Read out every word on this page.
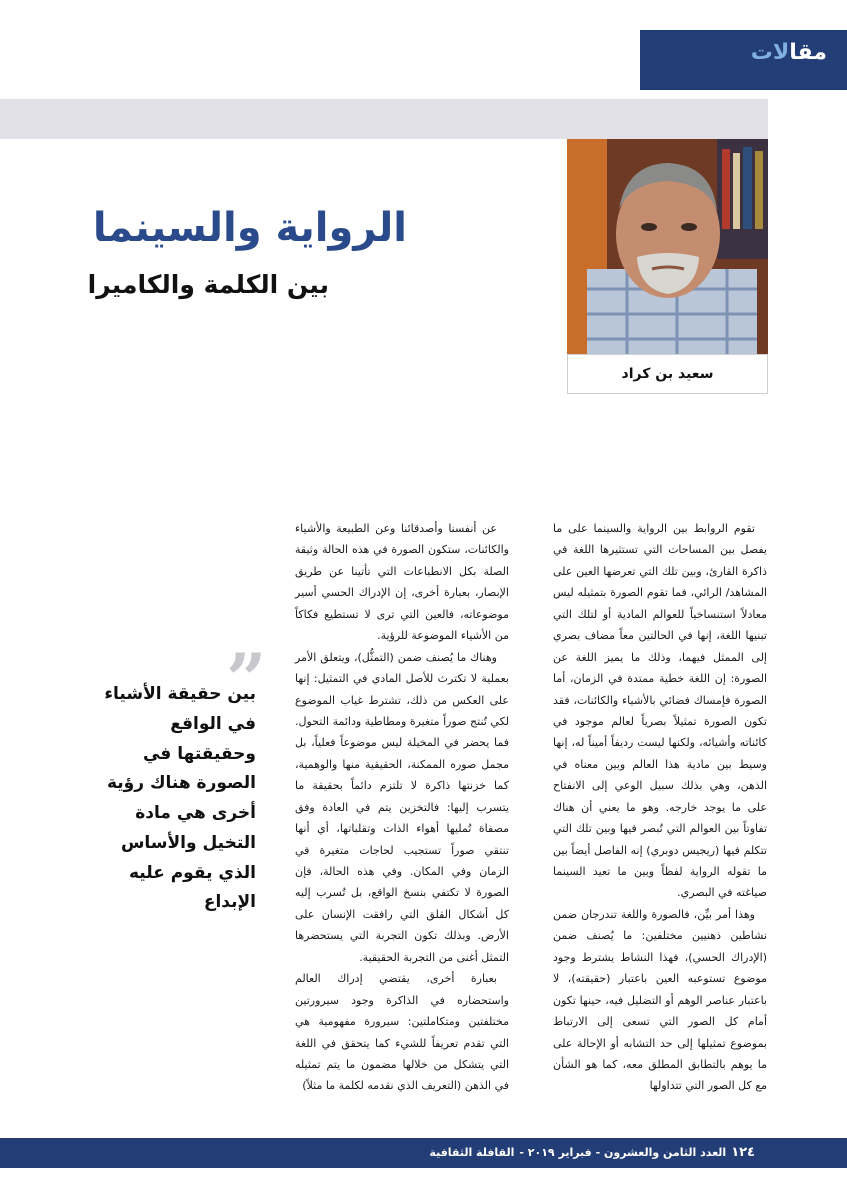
مقالات
سعيد بن كراد
الرواية والسينما
بين الكلمة والكاميرا
”

بين حقيقة الأشياء في الواقع وحقيقتها في الصورة هناك رؤية أخرى هي مادة التخيل والأساس الذي يقوم عليه الإبداع

تقوم الروابط بين الرواية والسينما على ما يفصل بين المساحات التي تستثيرها اللغة في ذاكرة القارئ، وبين تلك التي تعرضها العين على المشاهد/ الرائي، فما تقوم الصورة بتمثيله ليس معادلاً استنساخياً للعوالم المادية أو لتلك التي تبنيها اللغة، إنها في الحالتين معاً مضاف بصري إلى الممثل فيهما، وذلك ما يميز اللغة عن الصورة: إن اللغة خطية ممتدة في الزمان، أما الصورة فإمساك فضائي بالأشياء والكائنات، فقد تكون الصورة تمثيلاً بصرياً لعالم موجود في كائناته وأشيائه، ولكنها ليست رديفاً أميناً له، إنها وسيط بين مادية هذا العالم وبين معناه في الذهن، وهي بذلك سبيل الوعي إلى الانفتاح على ما يوجد خارجه. وهو ما يعني أن هناك تفاوتاً بين العوالم التي تُبصر فيها وبين تلك التي تتكلم فيها (ريجيس دوبري) إنه الفاصل أيضاً بين ما تقوله الرواية لفظاً وبين ما تعيد السينما صياغته في البصري.

وهذا أمر بيِّن، فالصورة واللغة تندرجان ضمن نشاطين ذهنيين مختلفين: ما يُصنف ضمن (الإدراك الحسي)، فهذا النشاط يشترط وجود موضوع تستوعبه العين باعتبار (حقيقته)، لا باعتبار عناصر الوهم أو التضليل فيه، حينها تكون أمام كل الصور التي تسعى إلى الارتباط بموضوع تمثيلها إلى حد التشابه أو الإحالة على ما يوهم بالتطابق المطلق معه، كما هو الشأن مع كل الصور التي تتداولها

عن أنفسنا وأصدقائنا وعن الطبيعة والأشياء والكائنات، ستكون الصورة في هذه الحالة وثيقة الصلة بكل الانطباعات التي تأتينا عن طريق الإبصار، بعبارة أخرى، إن الإدراك الحسي أسير موضوعاته، فالعين التي ترى لا تستطيع فكاكاً من الأشياء الموضوعة للرؤية.

وهناك ما يُصنف ضمن (التمثُّل)، ويتعلق الأمر بعملية لا تكترث للأصل المادي في التمثيل: إنها على العكس من ذلك، تشترط غياب الموضوع لكي تُنتج صوراً متغيرة ومطاطية ودائمة التحول. فما يحضر في المخيلة ليس موضوعاً فعلياً، بل مجمل صوره الممكنة، الحقيقية منها والوهمية، كما خزنتها ذاكرة لا تلتزم دائماً بحقيقة ما يتسرب إليها: فالتخزين يتم في العادة وفق مصفاة تُمليها أهواء الذات وتقلباتها، أي أنها تنتقي صوراً تستجيب لحاجات متغيرة في الزمان وفي المكان. وفي هذه الحالة، فإن الصورة لا تكتفي بنسخ الواقع، بل تُسرب إليه كل أشكال القلق التي رافقت الإنسان على الأرض. وبذلك تكون التجربة التي يستحضرها التمثل أغنى من التجربة الحقيقية.

بعبارة أخرى، يقتضي إدراك العالم واستحضاره في الذاكرة وجود سيرورتين مختلفتين ومتكاملتين: سيرورة مفهومية هي التي تقدم تعريفاً للشيء كما يتحقق في اللغة التي يتشكل من خلالها مضمون ما يتم تمثيله في الذهن (التعريف الذي نقدمه لكلمة ما مثلاً)

١٢٤
العدد الثامن والعشرون - فبراير ٢٠١٩ -
القافلة الثقافية
